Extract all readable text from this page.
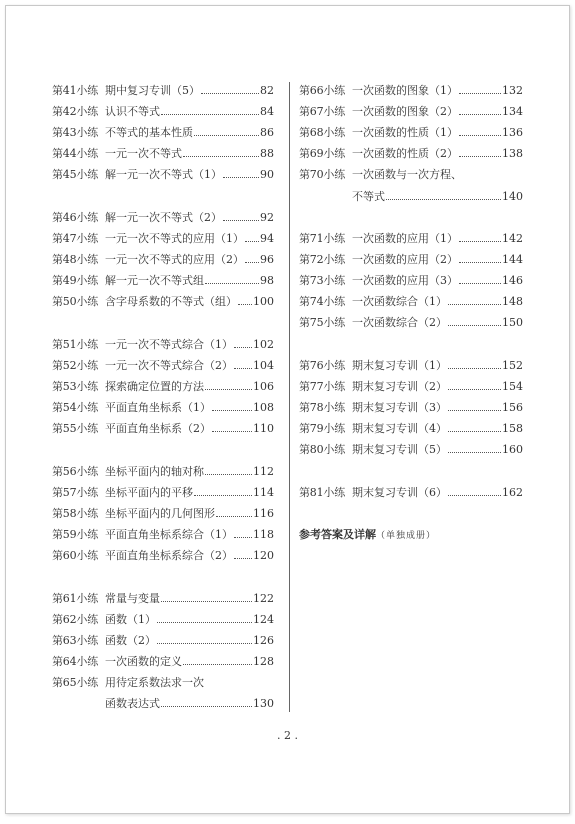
第41小练 期中复习专训（5）	82
第42小练 认识不等式	84
第43小练 不等式的基本性质	86
第44小练 一元一次不等式	88
第45小练 解一元一次不等式（1）	90
第46小练 解一元一次不等式（2）	92
第47小练 一元一次不等式的应用（1） 94
第48小练 一元一次不等式的应用（2） 96
第49小练 解一元一次不等式组	98
第50小练 含字母系数的不等式（组） 100
第51小练 一元一次不等式综合（1） 102
第52小练 一元一次不等式综合（2） 104
第53小练 探索确定位置的方法	106
第54小练 平面直角坐标系（1）	108
第55小练 平面直角坐标系（2）	110
第56小练 坐标平面内的轴对称	112
第57小练 坐标平面内的平移	114
第58小练 坐标平面内的几何图形	116
第59小练 平面直角坐标系综合（1） 118
第60小练 平面直角坐标系综合（2） 120
第61小练 常量与变量	122
第62小练 函数（1）	124
第63小练 函数（2）	126
第64小练 一次函数的定义	128
第65小练 用待定系数法求一次
函数表达式	130
参考答案及详解（单独成册）
第66小练 一次函数的图象（1）	132
第67小练 一次函数的图象（2）	134
第68小练 一次函数的性质（1）	136
第69小练 一次函数的性质（2）	138
第70小练 一次函数与一次方程、
不等式	140
第71小练 一次函数的应用（1）	142
第72小练 一次函数的应用（2）	144
第73小练 一次函数的应用（3）	146
第74小练 一次函数综合（1）	148
第75小练 一次函数综合（2）	150
第76小练 期末复习专训（1）	152
第77小练 期末复习专训（2）	154
第78小练 期末复习专训（3）	156
第79小练 期末复习专训（4）	158
第80小练 期末复习专训（5）	160
第81小练 期末复习专训（6）	162
. 2 .
